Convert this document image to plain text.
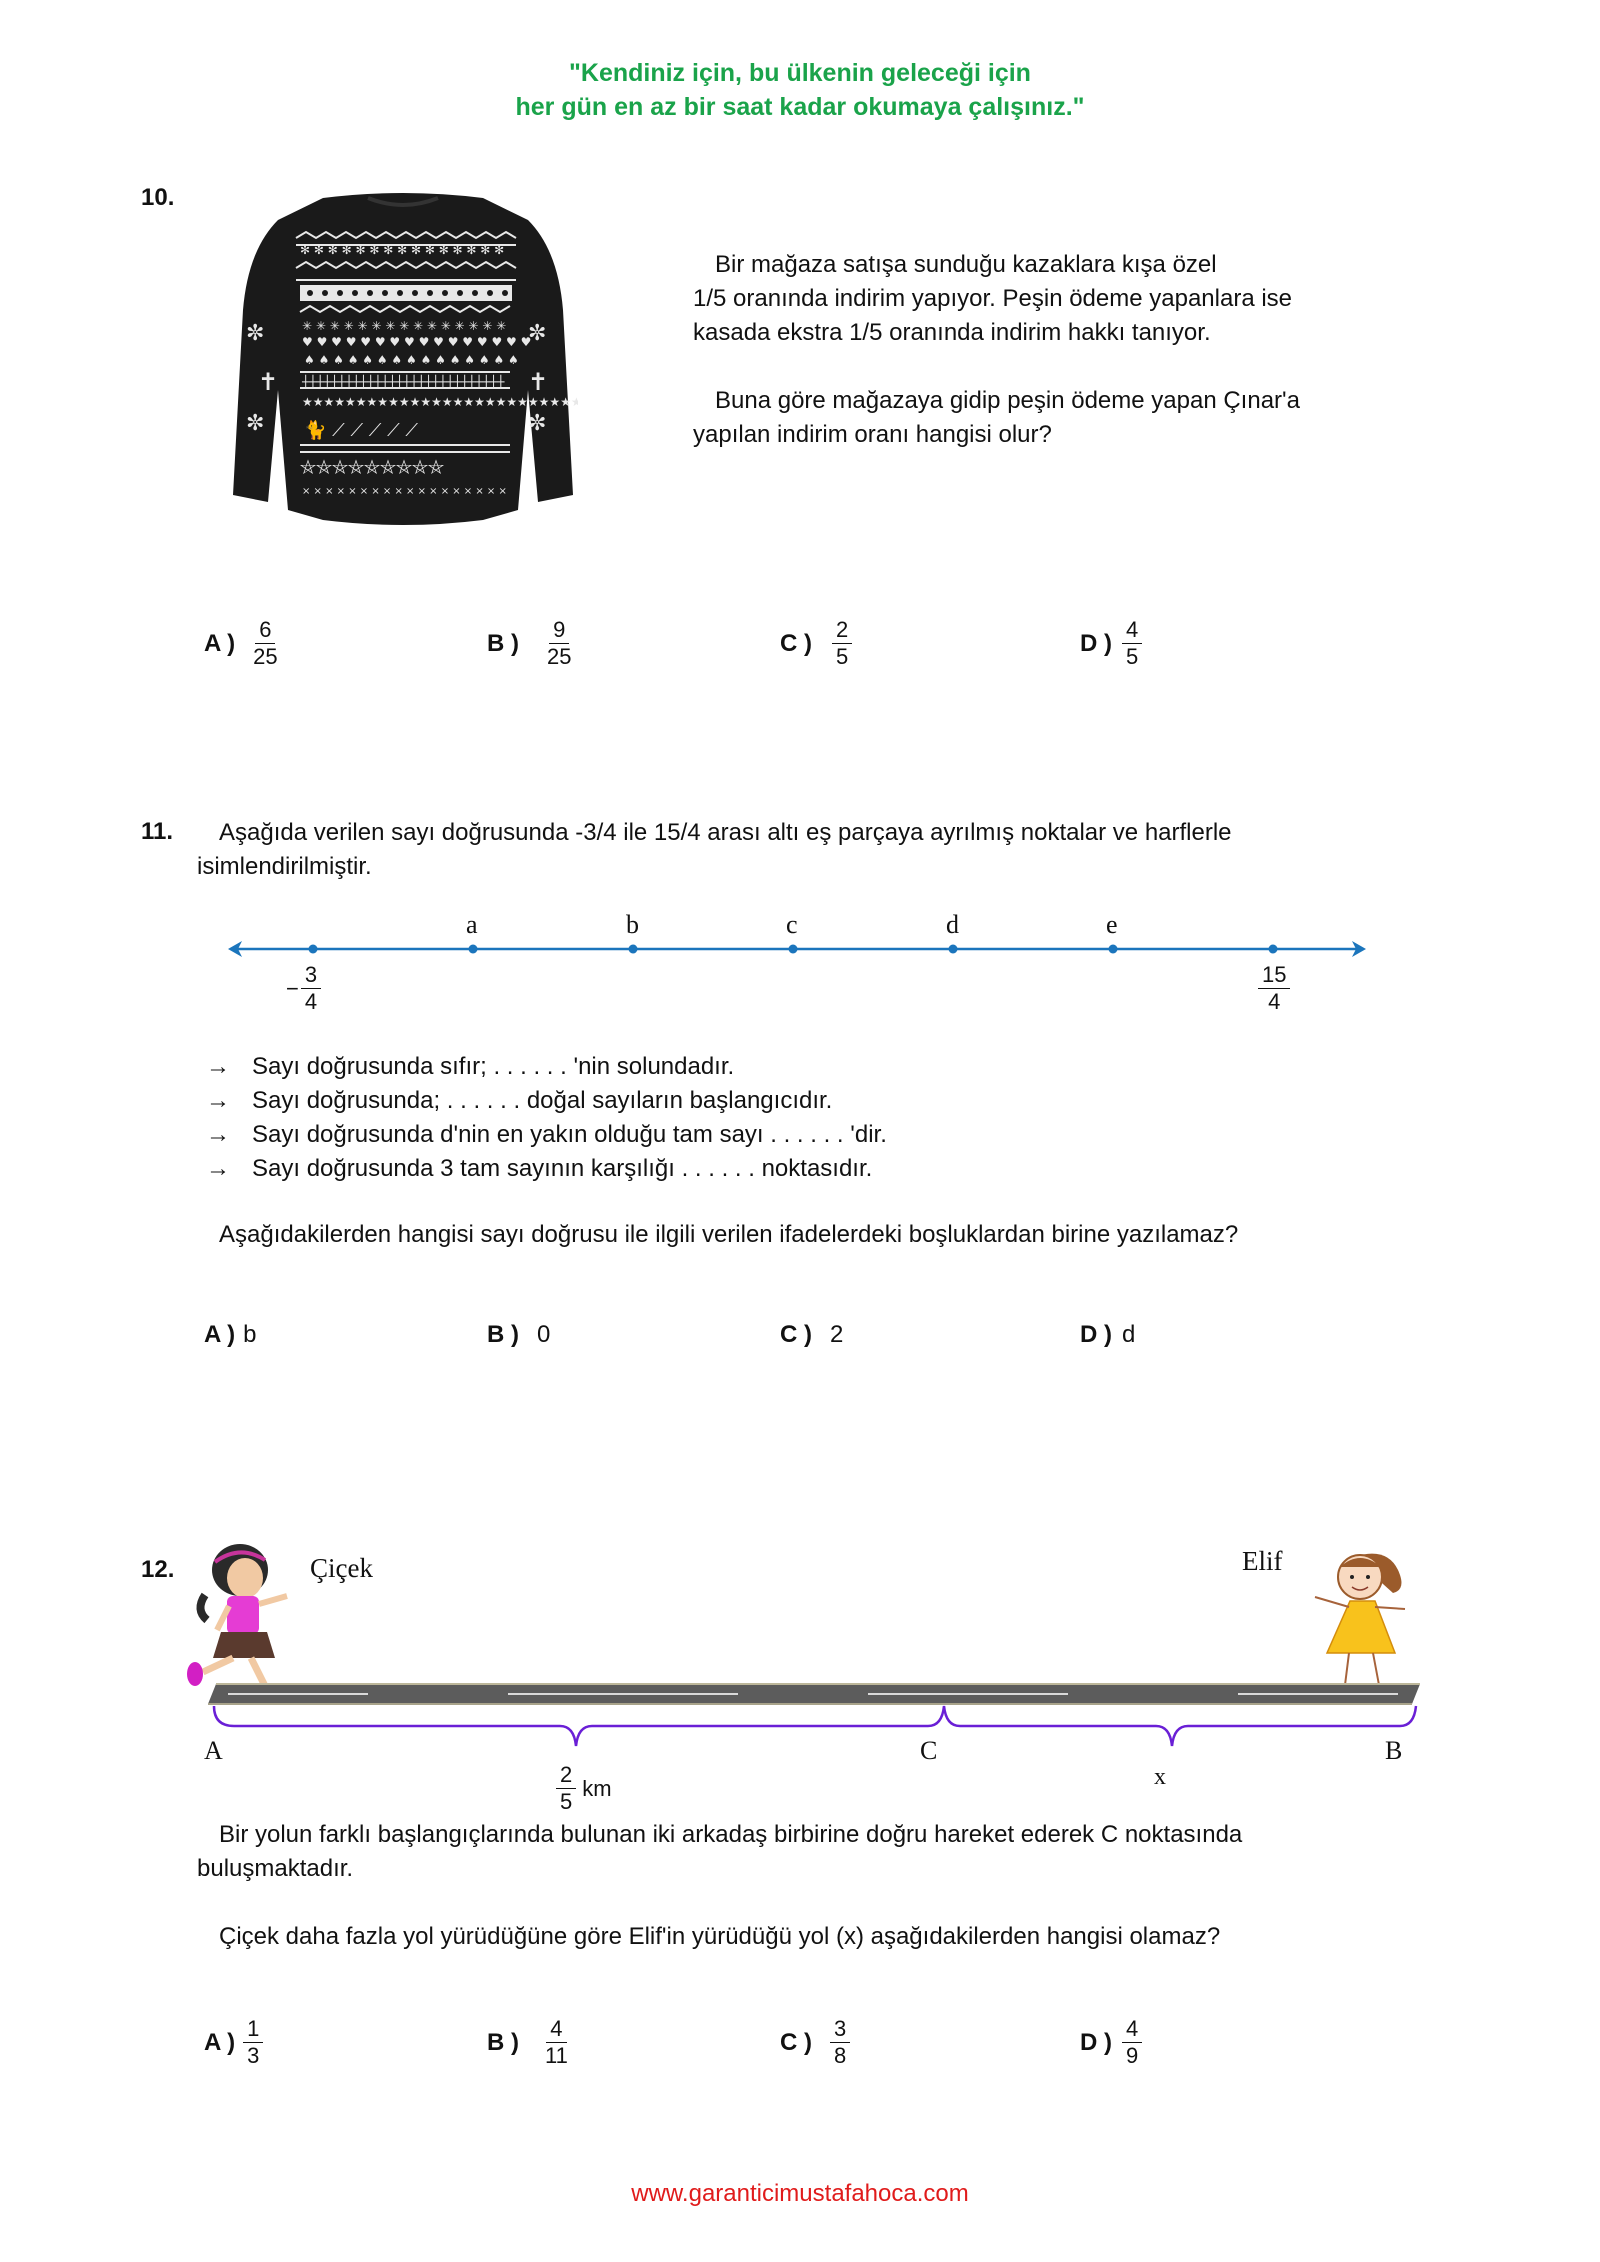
"Kendiniz için, bu ülkenin geleceği için
her gün en az bir saat kadar okumaya çalışınız."
10.
✻ ✻ ✻ ✻ ✻ ✻ ✻ ✻ ✻ ✻ ✻ ✻ ✻ ✻ ✻
✳ ✳ ✳ ✳ ✳ ✳ ✳ ✳ ✳ ✳ ✳ ✳ ✳ ✳ ✳
♥ ♥ ♥ ♥ ♥ ♥ ♥ ♥ ♥ ♥ ♥ ♥ ♥ ♥ ♥ ♥
♠ ♠ ♠ ♠ ♠ ♠ ♠ ♠ ♠ ♠ ♠ ♠ ♠ ♠ ♠
┼┼┼┼┼┼┼┼┼┼┼┼┼┼┼┼┼┼┼┼┼┼┼┼┼┼┼┼
★★★★★★★★★★★★★★★★★★★★★★★★★★
🐈 ⟋ ⟋ ⟋ ⟋ ⟋
⛤⛤⛤⛤⛤⛤⛤⛤⛤
× × × × × × × × × × × × × × × × × ×
✼
✝
✼
✼
✝
✼
Bir mağaza satışa sunduğu kazaklara kışa özel
1/5 oranında indirim yapıyor. Peşin ödeme yapanlara ise
kasada ekstra 1/5 oranında indirim hakkı tanıyor.
Buna göre mağazaya gidip peşin ödeme yapan Çınar'a
yapılan indirim oranı hangisi olur?
A ) $\frac{6}{25}$	B ) $\frac{9}{25}$	C ) $\frac{2}{5}$	D ) $\frac{4}{5}$
11.	Aşağıda verilen sayı doğrusunda -3/4 ile 15/4 arası altı eş parçaya ayrılmış noktalar ve harflerle
isimlendirilmiştir.
a	b	c	d	e
− $\frac{3}{4}$	$\frac{15}{4}$
→ Sayı doğrusunda sıfır; . . . . . . 'nin solundadır.
→ Sayı doğrusunda; . . . . . . doğal sayıların başlangıcıdır.
→ Sayı doğrusunda d'nin en yakın olduğu tam sayı . . . . . . 'dir.
→ Sayı doğrusunda 3 tam sayının karşılığı . . . . . . noktasıdır.
Aşağıdakilerden hangisi sayı doğrusu ile ilgili verilen ifadelerdeki boşluklardan birine yazılamaz?
A ) b	B ) 0	C ) 2	D ) d
12.	Çiçek	Elif
A	C	B
$\frac{2}{5}$ km	x
Bir yolun farklı başlangıçlarında bulunan iki arkadaş birbirine doğru hareket ederek C noktasında
buluşmaktadır.
Çiçek daha fazla yol yürüdüğüne göre Elif'in yürüdüğü yol (x) aşağıdakilerden hangisi olamaz?
A ) $\frac{1}{3}$	B ) $\frac{4}{11}$	C ) $\frac{3}{8}$	D ) $\frac{4}{9}$
www.garanticimustafahoca.com
